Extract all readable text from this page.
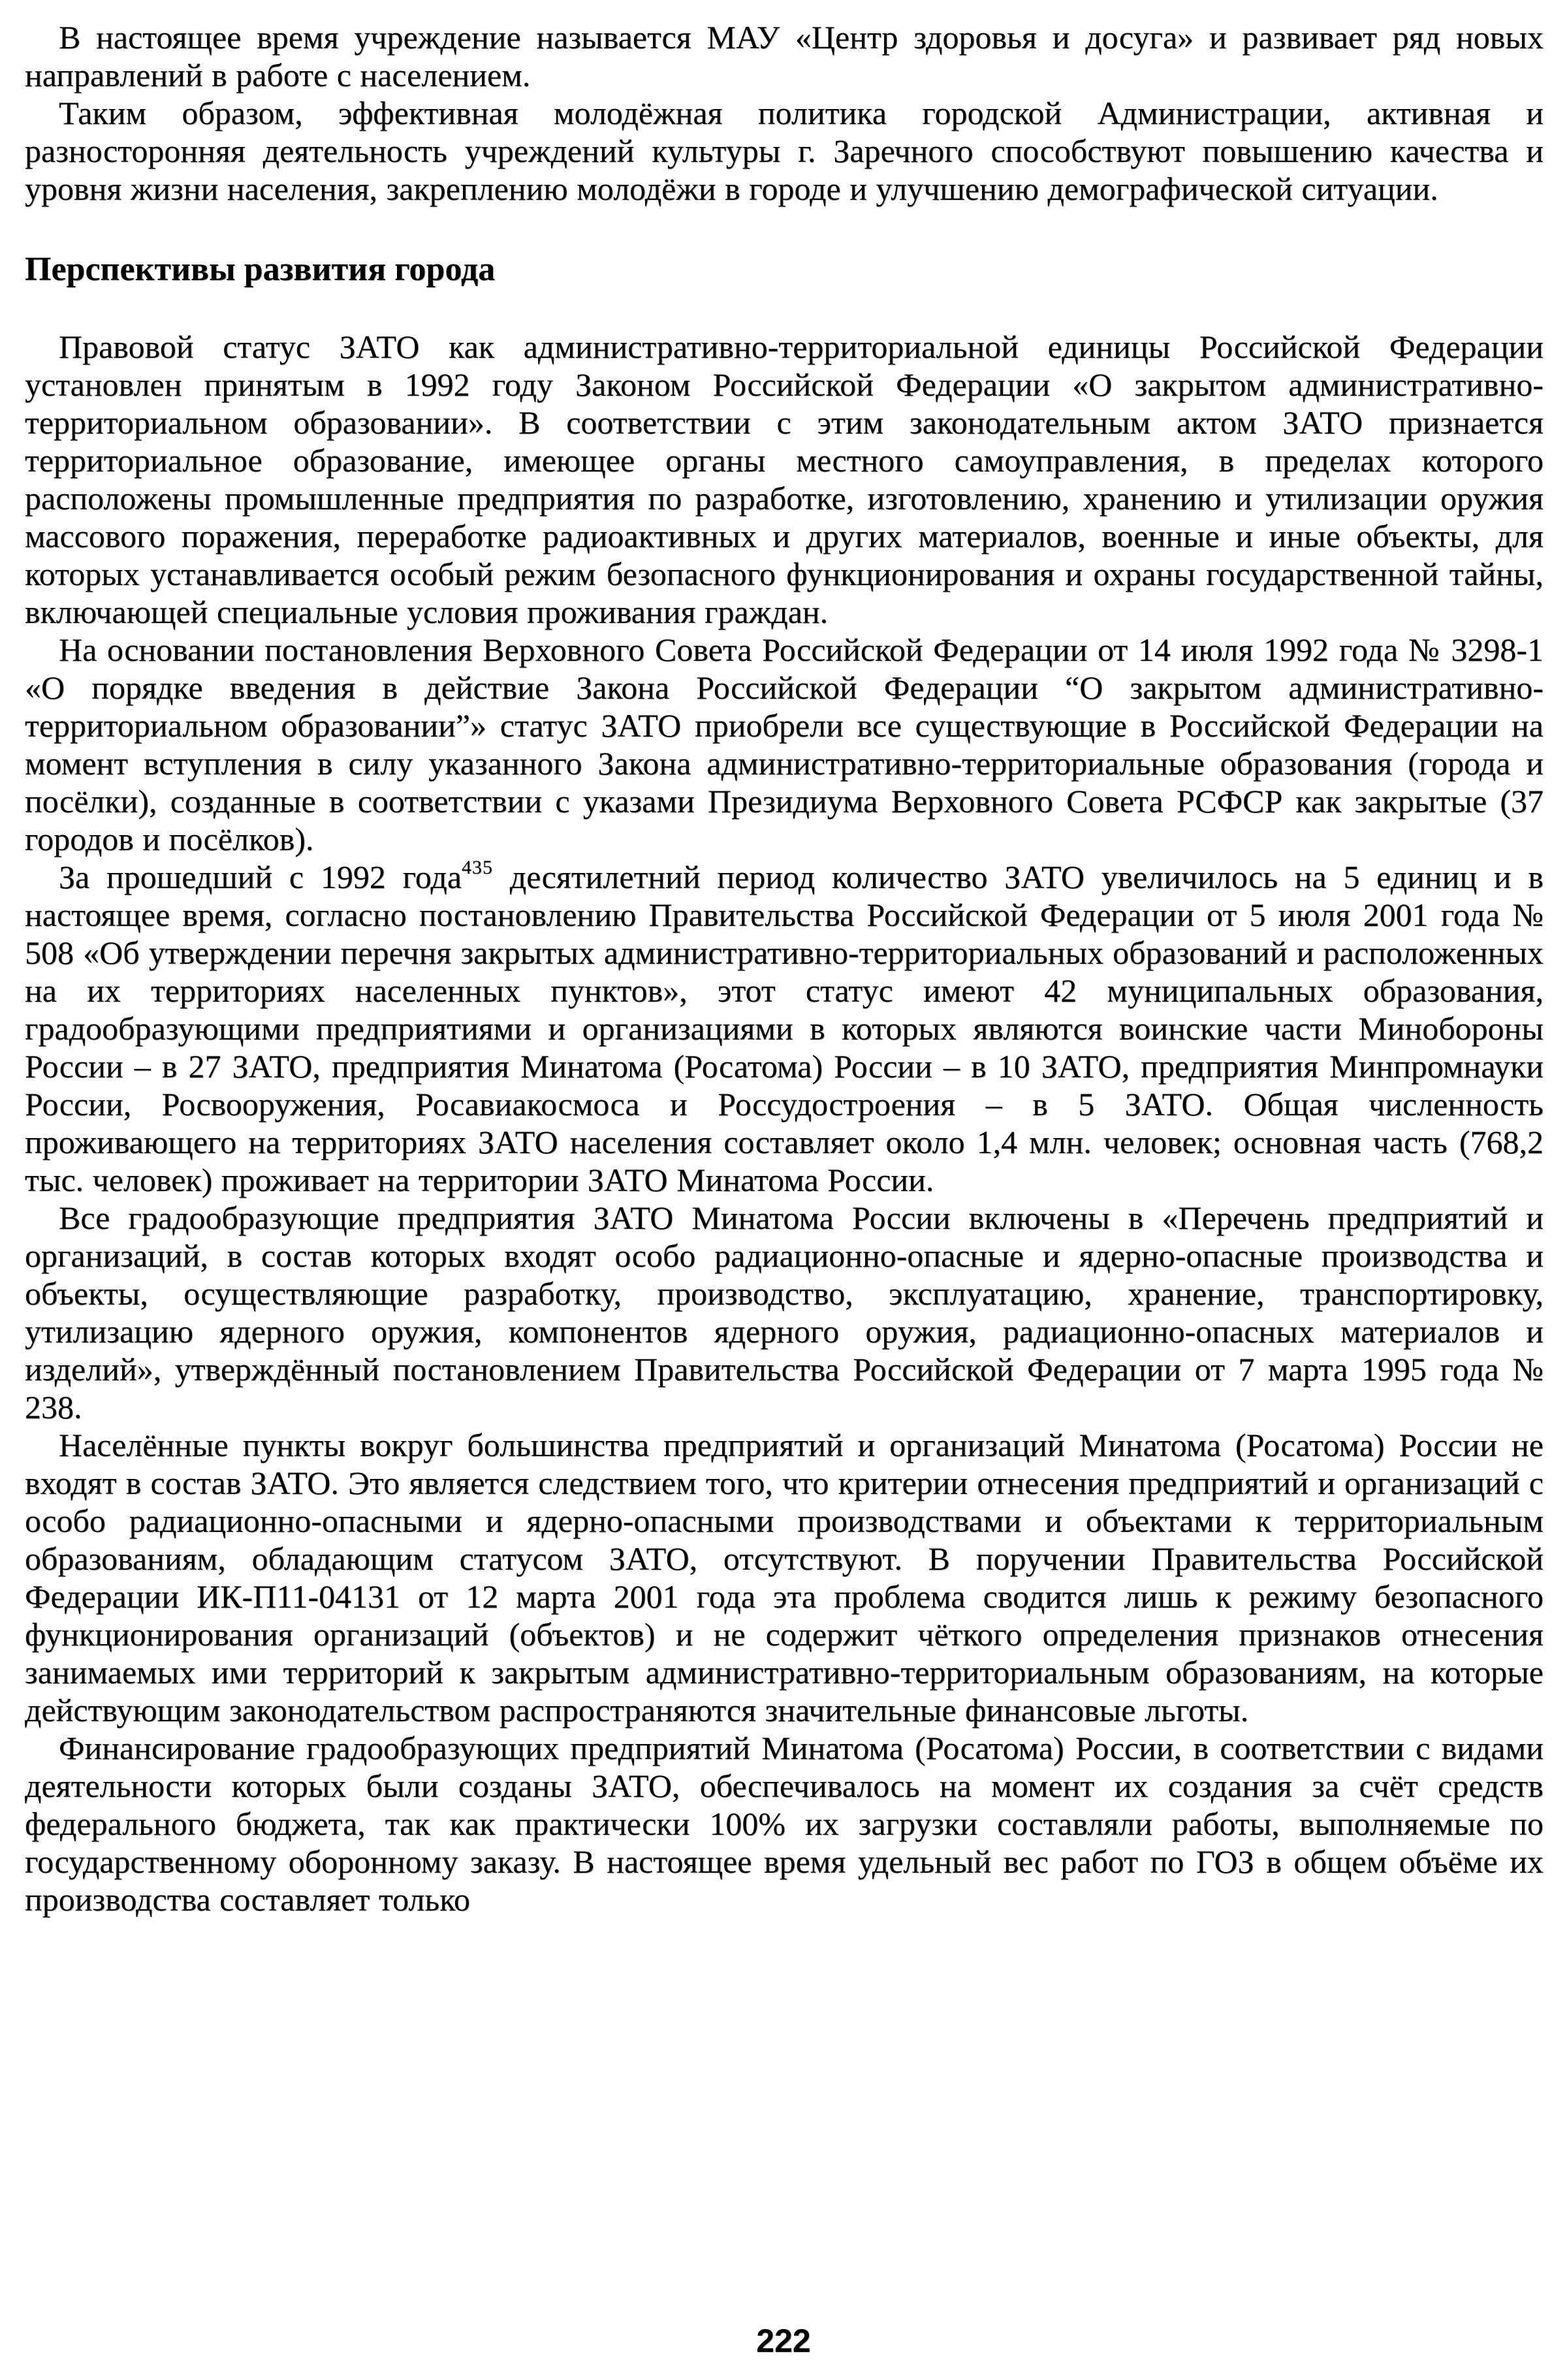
В настоящее время учреждение называется МАУ «Центр здоровья и досуга» и развивает ряд новых направлений в работе с населением.

Таким образом, эффективная молодёжная политика городской Администрации, активная и разносторонняя деятельность учреждений культуры г. Заречного способствуют повышению качества и уровня жизни населения, закреплению молодёжи в городе и улучшению демографической ситуации.

Перспективы развития города

Правовой статус ЗАТО как административно-территориальной единицы Российской Федерации установлен принятым в 1992 году Законом Российской Федерации «О закрытом административно-территориальном образовании». В соответствии с этим законодательным актом ЗАТО признается территориальное образование, имеющее органы местного самоуправления, в пределах которого расположены промышленные предприятия по разработке, изготовлению, хранению и утилизации оружия массового поражения, переработке радиоактивных и других материалов, военные и иные объекты, для которых устанавливается особый режим безопасного функционирования и охраны государственной тайны, включающей специальные условия проживания граждан.

На основании постановления Верховного Совета Российской Федерации от 14 июля 1992 года № 3298-1 «О порядке введения в действие Закона Российской Федерации “О закрытом административно-территориальном образовании”» статус ЗАТО приобрели все существующие в Российской Федерации на момент вступления в силу указанного Закона административно-территориальные образования (города и посёлки), созданные в соответствии с указами Президиума Верховного Совета РСФСР как закрытые (37 городов и посёлков).

За прошедший с 1992 года$^{435}$ десятилетний период количество ЗАТО увеличилось на 5 единиц и в настоящее время, согласно постановлению Правительства Российской Федерации от 5 июля 2001 года № 508 «Об утверждении перечня закрытых административно-территориальных образований и расположенных на их территориях населенных пунктов», этот статус имеют 42 муниципальных образования, градообразующими предприятиями и организациями в которых являются воинские части Минобороны России – в 27 ЗАТО, предприятия Минатома (Росатома) России – в 10 ЗАТО, предприятия Минпромнауки России, Росвооружения, Росавиакосмоса и Россудостроения – в 5 ЗАТО. Общая численность проживающего на территориях ЗАТО населения составляет около 1,4 млн. человек; основная часть (768,2 тыс. человек) проживает на территории ЗАТО Минатома России.

Все градообразующие предприятия ЗАТО Минатома России включены в «Перечень предприятий и организаций, в состав которых входят особо радиационно-опасные и ядерно-опасные производства и объекты, осуществляющие разработку, производство, эксплуатацию, хранение, транспортировку, утилизацию ядерного оружия, компонентов ядерного оружия, радиационно-опасных материалов и изделий», утверждённый постановлением Правительства Российской Федерации от 7 марта 1995 года № 238.

Населённые пункты вокруг большинства предприятий и организаций Минатома (Росатома) России не входят в состав ЗАТО. Это является следствием того, что критерии отнесения предприятий и организаций с особо радиационно-опасными и ядерно-опасными производствами и объектами к территориальным образованиям, обладающим статусом ЗАТО, отсутствуют. В поручении Правительства Российской Федерации ИК-П11-04131 от 12 марта 2001 года эта проблема сводится лишь к режиму безопасного функционирования организаций (объектов) и не содержит чёткого определения признаков отнесения занимаемых ими территорий к закрытым административно-территориальным образованиям, на которые действующим законодательством распространяются значительные финансовые льготы.

Финансирование градообразующих предприятий Минатома (Росатома) России, в соответствии с видами деятельности которых были созданы ЗАТО, обеспечивалось на момент их создания за счёт средств федерального бюджета, так как практически 100% их загрузки составляли работы, выполняемые по государственному оборонному заказу. В настоящее время удельный вес работ по ГОЗ в общем объёме их производства составляет только

222
